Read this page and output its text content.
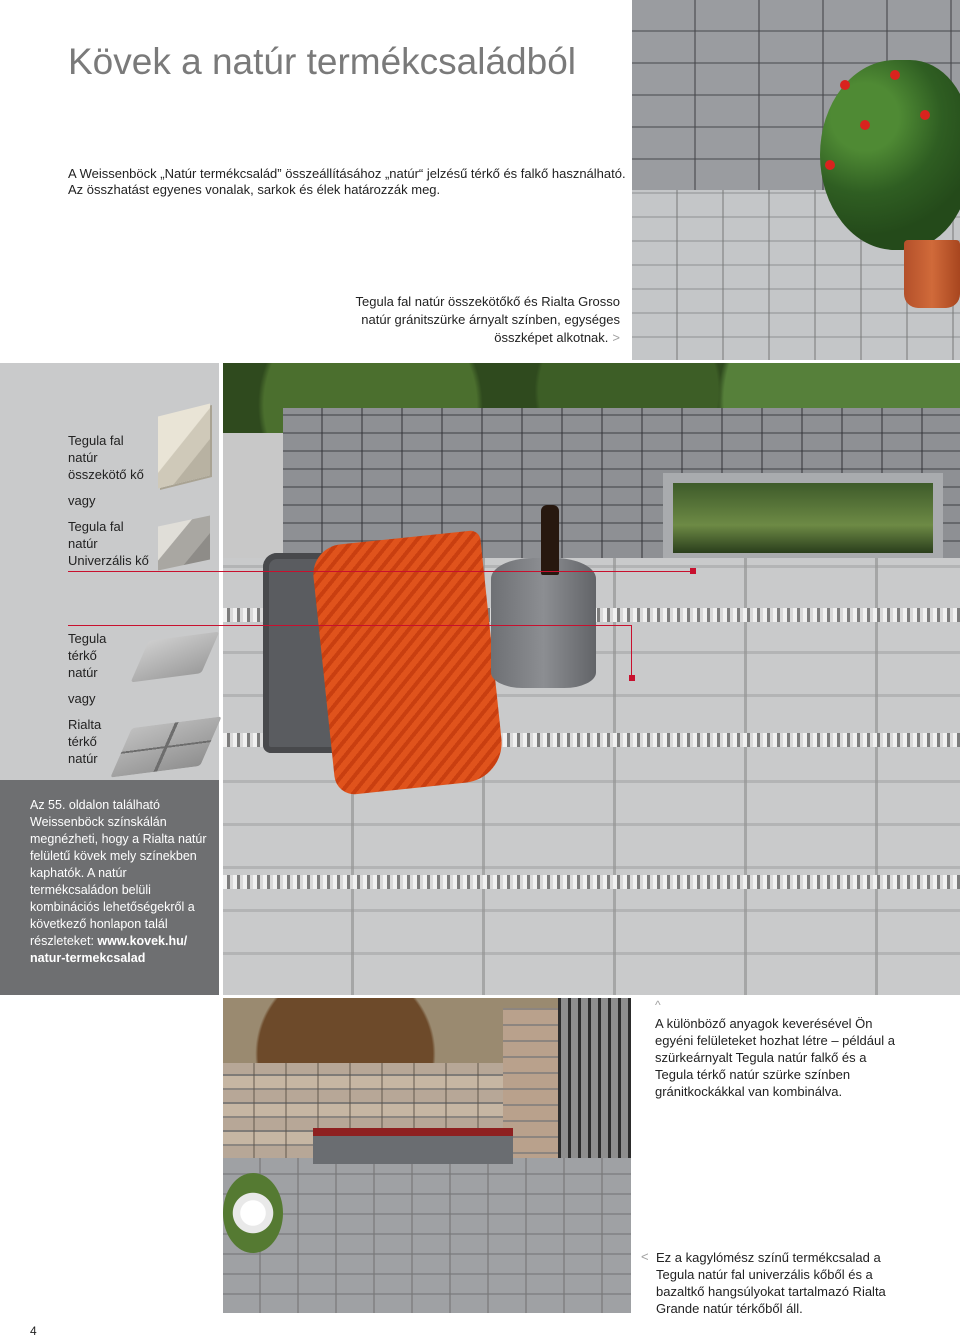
Kövek a natúr termékcsaládból
A Weissenböck „Natúr termékcsalád” összeállításához „natúr“ jelzésű térkő és falkő használható. Az összhatást egyenes vonalak, sarkok és élek határozzák meg.
Tegula fal natúr összekötőkő és Rialta Grosso natúr gránitszürke árnyalt színben, egységes összképet alkotnak. >
Tegula fal
natúr
összekötő kő
vagy
Tegula fal
natúr
Univerzális kő
Tegula
térkő
natúr
vagy
Rialta
térkő
natúr
Az 55. oldalon található Weissenböck színskálán megnézheti, hogy a Rialta natúr felületű kövek mely színekben kaphatók. A natúr termékcsaládon belüli kombinációs lehetőségekről a következő honlapon talál részleteket: www.kovek.hu/ natur-termekcsalad
^
A különböző anyagok keverésével Ön egyéni felületeket hozhat létre – például a szürkeárnyalt Tegula natúr falkő és a Tegula térkő natúr szürke színben gránitkockákkal van kombinálva.
< Ez a kagylómész színű termékcsalad a Tegula natúr fal univerzális kőből és a bazaltkő hangsúlyokat tartalmazó Rialta Grande natúr térkőből áll.
4
